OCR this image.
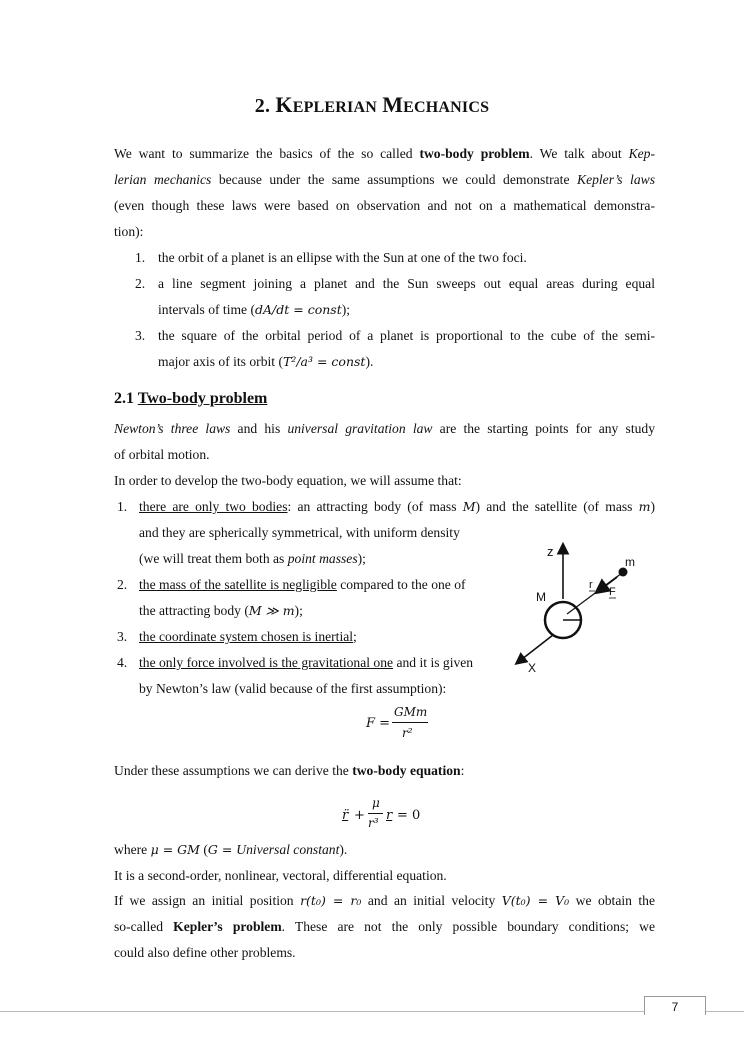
2. KEPLERIAN MECHANICS
We want to summarize the basics of the so called two-body problem. We talk about Kep-
lerian mechanics because under the same assumptions we could demonstrate Kepler’s laws
(even though these laws were based on observation and not on a mathematical demonstra-
tion):
1. the orbit of a planet is an ellipse with the Sun at one of the two foci.
2. a line segment joining a planet and the Sun sweeps out equal areas during equal
intervals of time (dA/dt = const);
3. the square of the orbital period of a planet is proportional to the cube of the semi-
major axis of its orbit (T²/a³ = const).
2.1 Two-body problem
Newton’s three laws and his universal gravitation law are the starting points for any study
of orbital motion.
In order to develop the two-body equation, we will assume that:
1. there are only two bodies: an attracting body (of mass M) and the satellite (of mass m)
and they are spherically symmetrical, with uniform density
(we will treat them both as point masses);
2. the mass of the satellite is negligible compared to the one of
the attracting body (M ≫ m);
3. the coordinate system chosen is inertial;
4. the only force involved is the gravitational one and it is given
by Newton’s law (valid because of the first assumption):
z
X
M
r
F
m
F =
GMm
r²
Under these assumptions we can derive the two-body equation:
r̈ +
μ
r³ r = 0
where μ = GM (G = Universal constant).
It is a second-order, nonlinear, vectoral, differential equation.
If we assign an initial position r(t₀) = r₀ and an initial velocity V(t₀) = V₀ we obtain the
so-called Kepler’s problem. These are not the only possible boundary conditions; we
could also define other problems.
7
